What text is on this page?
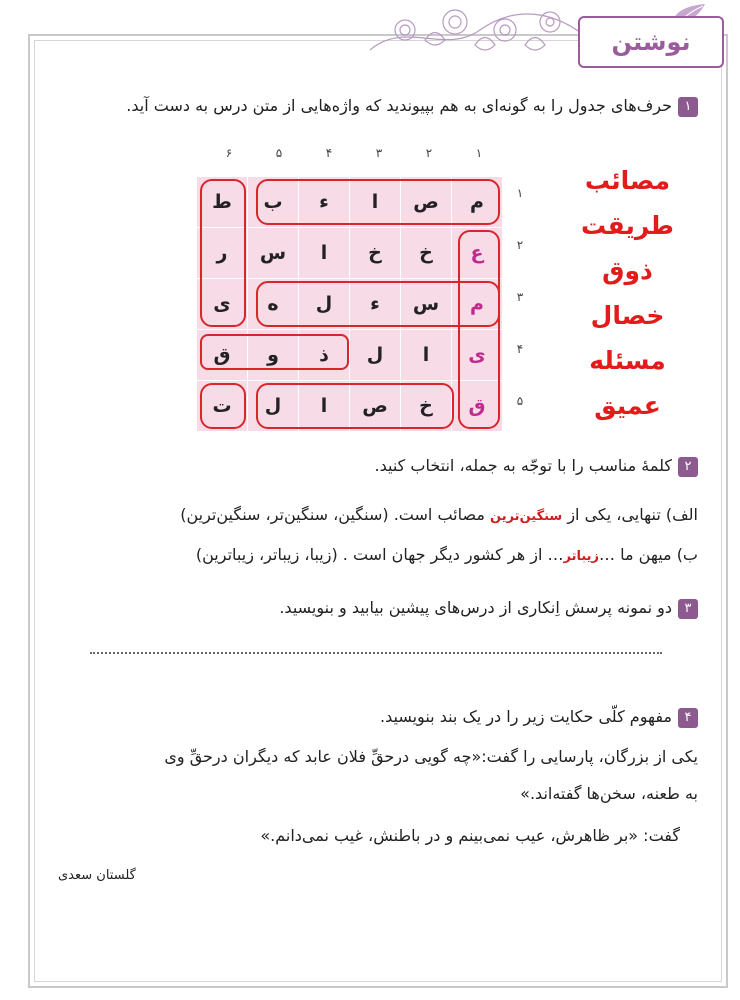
نوشتن
۱حرف‌های جدول را به گونه‌ای به هم بپیوندید که واژه‌هایی از متن درس به دست آید.
۱
۲
۳
۴
۵
۶
۱
۲
۳
۴
۵
م
ص
ا
ء
ب
ط
ع
خ
خ
ا
س
ر
م
س
ء
ل
ه
ی
ی
ا
ل
ذ
و
ق
ق
خ
ص
ا
ل
ت
مصائب
طریقت
ذوق
خصال
مسئله
عمیق
۲کلمهٔ مناسب را با توجّه به جمله، انتخاب کنید.
الف) تنهایی، یکی از سنگین‌ترین مصائب است. (سنگین، سنگین‌تر، سنگین‌ترین)
ب) میهن ما …زیباتر… از هر کشور دیگر جهان است . (زیبا، زیباتر، زیباترین)
۳دو نمونه پرسش اِنکاری از درس‌های پیشین بیابید و بنویسید.
۴مفهوم کلّی حکایت زیر را در یک بند بنویسید.
یکی از بزرگان، پارسایی را گفت:«چه گویی درحقِّ فلان عابد که دیگران درحقِّ وی
به طعنه، سخن‌ها گفته‌اند.»
گفت: «بر ظاهرش، عیب نمی‌بینم و در باطنش، غیب نمی‌دانم.»
گلستان سعدی
